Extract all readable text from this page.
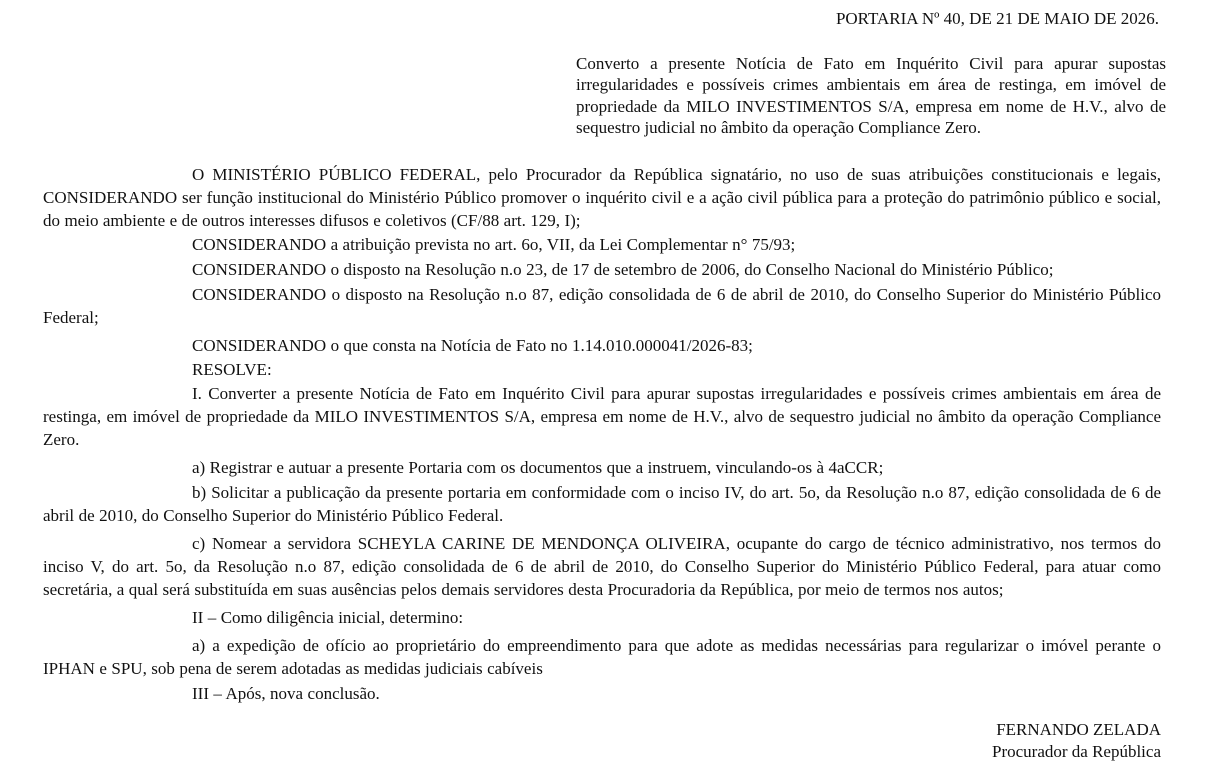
PORTARIA Nº 40, DE 21 DE MAIO DE 2026.
Converto a presente Notícia de Fato em Inquérito Civil para apurar supostas irregularidades e possíveis crimes ambientais em área de restinga, em imóvel de propriedade da MILO INVESTIMENTOS S/A, empresa em nome de H.V., alvo de sequestro judicial no âmbito da operação Compliance Zero.

O MINISTÉRIO PÚBLICO FEDERAL, pelo Procurador da República signatário, no uso de suas atribuições constitucionais e legais, CONSIDERANDO ser função institucional do Ministério Público promover o inquérito civil e a ação civil pública para a proteção do patrimônio público e social, do meio ambiente e de outros interesses difusos e coletivos (CF/88 art. 129, I);

CONSIDERANDO a atribuição prevista no art. 6o, VII, da Lei Complementar n° 75/93;

CONSIDERANDO o disposto na Resolução n.o 23, de 17 de setembro de 2006, do Conselho Nacional do Ministério Público;

CONSIDERANDO o disposto na Resolução n.o 87, edição consolidada de 6 de abril de 2010, do Conselho Superior do Ministério Público Federal;

CONSIDERANDO o que consta na Notícia de Fato no 1.14.010.000041/2026-83;

RESOLVE:

I. Converter a presente Notícia de Fato em Inquérito Civil para apurar supostas irregularidades e possíveis crimes ambientais em área de restinga, em imóvel de propriedade da MILO INVESTIMENTOS S/A, empresa em nome de H.V., alvo de sequestro judicial no âmbito da operação Compliance Zero.

a) Registrar e autuar a presente Portaria com os documentos que a instruem, vinculando-os à 4aCCR;

b) Solicitar a publicação da presente portaria em conformidade com o inciso IV, do art. 5o, da Resolução n.o 87, edição consolidada de 6 de abril de 2010, do Conselho Superior do Ministério Público Federal.

c) Nomear a servidora SCHEYLA CARINE DE MENDONÇA OLIVEIRA, ocupante do cargo de técnico administrativo, nos termos do inciso V, do art. 5o, da Resolução n.o 87, edição consolidada de 6 de abril de 2010, do Conselho Superior do Ministério Público Federal, para atuar como secretária, a qual será substituída em suas ausências pelos demais servidores desta Procuradoria da República, por meio de termos nos autos;

II – Como diligência inicial, determino:

a) a expedição de ofício ao proprietário do empreendimento para que adote as medidas necessárias para regularizar o imóvel perante o IPHAN e SPU, sob pena de serem adotadas as medidas judiciais cabíveis

III – Após, nova conclusão.

FERNANDO ZELADA
Procurador da República
